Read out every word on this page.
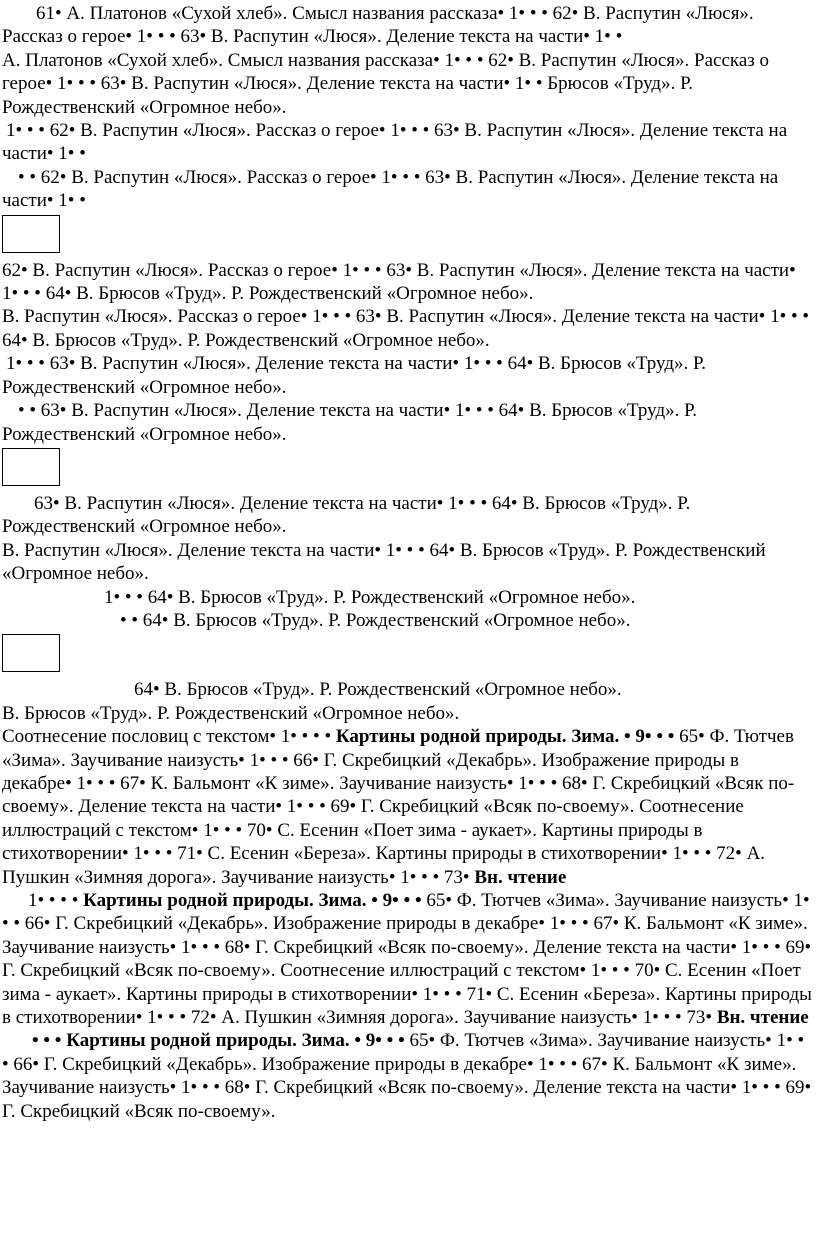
61• А. Платонов «Сухой хлеб». Смысл названия рассказа• 1• • • 62• В. Распутин «Люся». Рассказ о герое• 1• • • 63• В. Распутин «Люся». Деление текста на части• 1• •

А. Платонов «Сухой хлеб». Смысл названия рассказа• 1• • • 62• В. Распутин «Люся». Рассказ о герое• 1• • • 63• В. Распутин «Люся». Деление текста на части• 1• • Брюсов «Труд». Р. Рождественский «Огромное небо».

1• • • 62• В. Распутин «Люся». Рассказ о герое• 1• • • 63• В. Распутин «Люся». Деление текста на части• 1• •

• • 62• В. Распутин «Люся». Рассказ о герое• 1• • • 63• В. Распутин «Люся». Деление текста на части• 1• •

62• В. Распутин «Люся». Рассказ о герое• 1• • • 63• В. Распутин «Люся». Деление текста на части• 1• • • 64• В. Брюсов «Труд». Р. Рождественский «Огромное небо».

В. Распутин «Люся». Рассказ о герое• 1• • • 63• В. Распутин «Люся». Деление текста на части• 1• • • 64• В. Брюсов «Труд». Р. Рождественский «Огромное небо».

1• • • 63• В. Распутин «Люся». Деление текста на части• 1• • • 64• В. Брюсов «Труд». Р. Рождественский «Огромное небо».

• • 63• В. Распутин «Люся». Деление текста на части• 1• • • 64• В. Брюсов «Труд». Р. Рождественский «Огромное небо».

63• В. Распутин «Люся». Деление текста на части• 1• • • 64• В. Брюсов «Труд». Р. Рождественский «Огромное небо».

В. Распутин «Люся». Деление текста на части• 1• • • 64• В. Брюсов «Труд». Р. Рождественский «Огромное небо».

1• • • 64• В. Брюсов «Труд». Р. Рождественский «Огромное небо».

• • 64• В. Брюсов «Труд». Р. Рождественский «Огромное небо».

64• В. Брюсов «Труд». Р. Рождественский «Огромное небо».

В. Брюсов «Труд». Р. Рождественский «Огромное небо».

Соотнесение пословиц с текстом• 1• • • • Картины родной природы. Зима. • 9• • • 65• Ф. Тютчев «Зима». Заучивание наизусть• 1• • • 66• Г. Скребицкий «Декабрь». Изображение природы в декабре• 1• • • 67• К. Бальмонт «К зиме». Заучивание наизусть• 1• • • 68• Г. Скребицкий «Всяк по-своему». Деление текста на части• 1• • • 69• Г. Скребицкий «Всяк по-своему». Соотнесение иллюстраций с текстом• 1• • • 70• С. Есенин «Поет зима - аукает». Картины природы в стихотворении• 1• • • 71• С. Есенин «Береза». Картины природы в стихотворении• 1• • • 72• А. Пушкин «Зимняя дорога». Заучивание наизусть• 1• • • 73• Вн. чтение

1• • • • Картины родной природы. Зима. • 9• • • 65• Ф. Тютчев «Зима». Заучивание наизусть• 1• • • 66• Г. Скребицкий «Декабрь». Изображение природы в декабре• 1• • • 67• К. Бальмонт «К зиме». Заучивание наизусть• 1• • • 68• Г. Скребицкий «Всяк по-своему». Деление текста на части• 1• • • 69• Г. Скребицкий «Всяк по-своему». Соотнесение иллюстраций с текстом• 1• • • 70• С. Есенин «Поет зима - аукает». Картины природы в стихотворении• 1• • • 71• С. Есенин «Береза». Картины природы в стихотворении• 1• • • 72• А. Пушкин «Зимняя дорога». Заучивание наизусть• 1• • • 73• Вн. чтение

• • • Картины родной природы. Зима. • 9• • • 65• Ф. Тютчев «Зима». Заучивание наизусть• 1• • • 66• Г. Скребицкий «Декабрь». Изображение природы в декабре• 1• • • 67• К. Бальмонт «К зиме». Заучивание наизусть• 1• • • 68• Г. Скребицкий «Всяк по-своему». Деление текста на части• 1• • • 69• Г. Скребицкий «Всяк по-своему».
